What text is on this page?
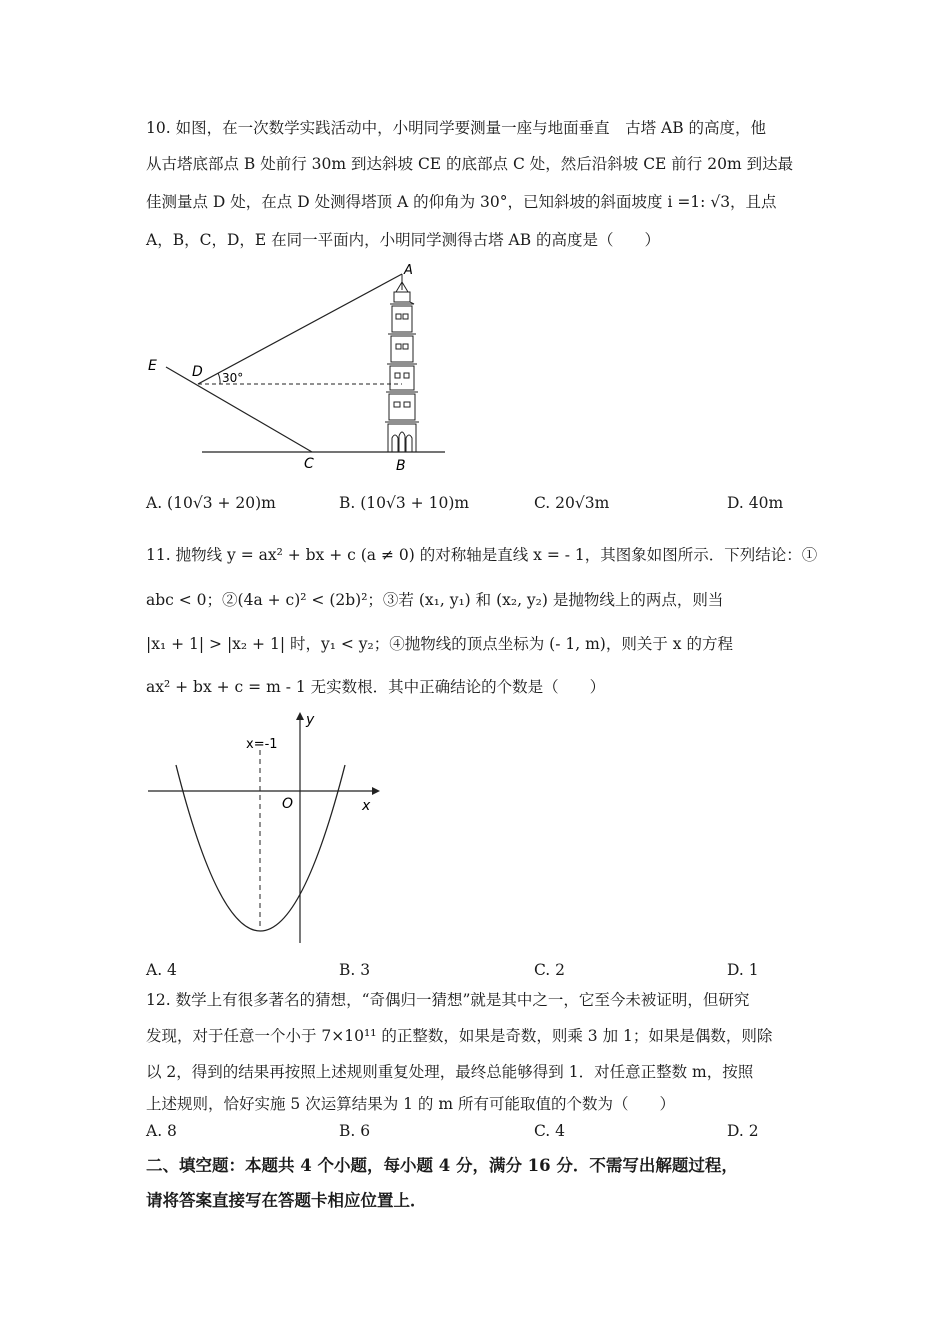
10. 如图，在一次数学实践活动中，小明同学要测量一座与地面垂直　古塔 AB 的高度，他
从古塔底部点 B 处前行 30m 到达斜坡 CE 的底部点 C 处，然后沿斜坡 CE 前行 20m 到达最
佳测量点 D 处，在点 D 处测得塔顶 A 的仰角为 30°，已知斜坡的斜面坡度 i =1: √3，且点
A，B，C，D，E 在同一平面内，小明同学测得古塔 AB 的高度是（　　）
A
E	D 30°
C	B
A. (10√3 + 20)m	B. (10√3 + 10)m	C. 20√3m	D. 40m
11. 抛物线 y = ax² + bx + c (a ≠ 0) 的对称轴是直线 x = - 1，其图象如图所示．下列结论：①
abc < 0；②(4a + c)² < (2b)²；③若 (x₁, y₁) 和 (x₂, y₂) 是抛物线上的两点，则当
|x₁ + 1| > |x₂ + 1| 时，y₁ < y₂；④抛物线的顶点坐标为 (- 1, m)，则关于 x 的方程
ax² + bx + c = m - 1 无实数根．其中正确结论的个数是（　　）
y
x=-1
O	x
A. 4	B. 3	C. 2	D. 1
12. 数学上有很多著名的猜想，“奇偶归一猜想”就是其中之一，它至今未被证明，但研究
发现，对于任意一个小于 7×10¹¹ 的正整数，如果是奇数，则乘 3 加 1；如果是偶数，则除
以 2，得到的结果再按照上述规则重复处理，最终总能够得到 1．对任意正整数 m，按照
上述规则，恰好实施 5 次运算结果为 1 的 m 所有可能取值的个数为（　　）
A. 8	B. 6	C. 4	D. 2
二、填空题：本题共 4 个小题，每小题 4 分，满分 16 分．不需写出解题过程，
请将答案直接写在答题卡相应位置上．
